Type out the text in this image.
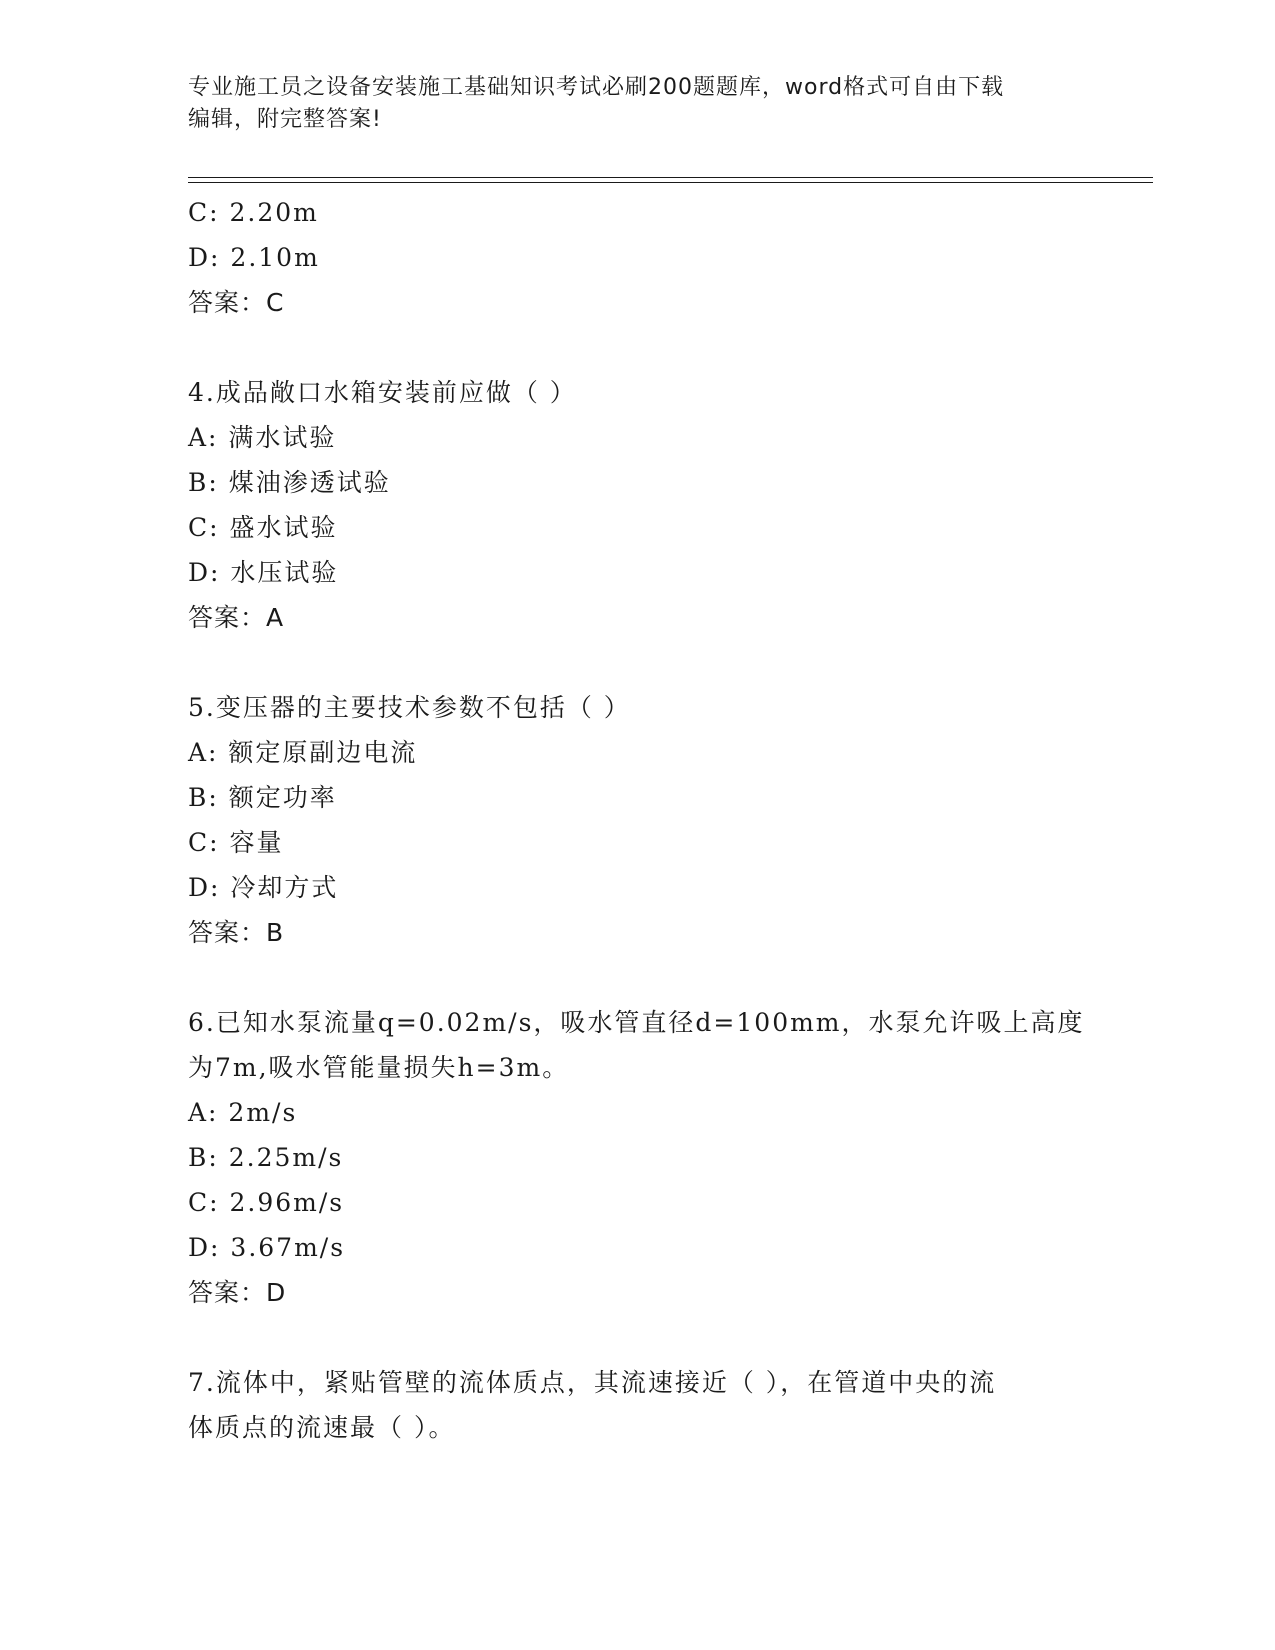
专业施工员之设备安装施工基础知识考试必刷200题题库，word格式可自由下载
编辑，附完整答案!
C: 2.20m
D: 2.10m
答案：C
4.成品敞口水箱安装前应做（ ）
A: 满水试验
B: 煤油渗透试验
C: 盛水试验
D: 水压试验
答案：A
5.变压器的主要技术参数不包括（ ）
A: 额定原副边电流
B: 额定功率
C: 容量
D: 冷却方式
答案：B
6.已知水泵流量q=0.02m/s，吸水管直径d=100mm，水泵允许吸上高度
为7m,吸水管能量损失h=3m。
A: 2m/s
B: 2.25m/s
C: 2.96m/s
D: 3.67m/s
答案：D
7.流体中，紧贴管壁的流体质点，其流速接近（ ），在管道中央的流
体质点的流速最（ ）。
